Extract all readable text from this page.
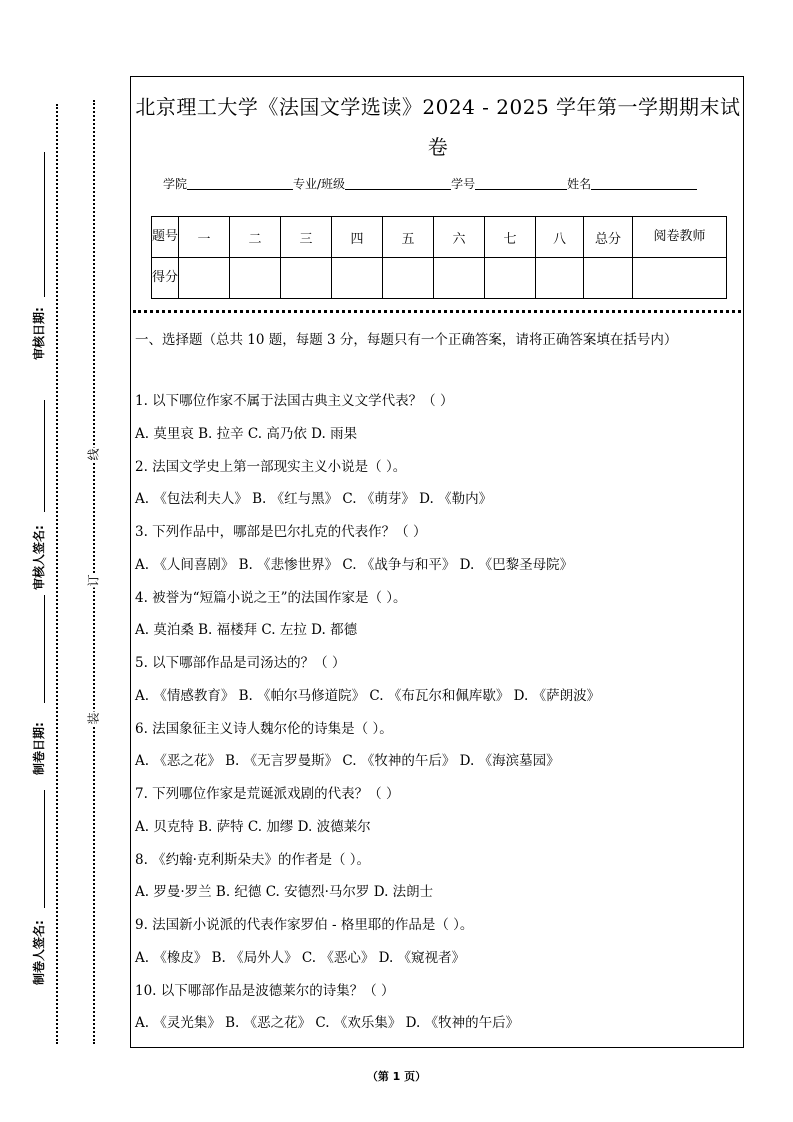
审核日期:
审核人签名:
制卷日期:
制卷人签名:
线
订
装
北京理工大学《法国文学选读》2024 - 2025 学年第一学期期末试
卷
学院	专业/班级	学号	姓名
题号	一	二	三	四	五	六	七	八	总分	阅卷教师
得分										
一、选择题（总共 10 题，每题 3 分，每题只有一个正确答案，请将正确答案填在括号内）
1. 以下哪位作家不属于法国古典主义文学代表？（ ）
A. 莫里哀 B. 拉辛 C. 高乃依 D. 雨果
2. 法国文学史上第一部现实主义小说是（ ）。
A. 《包法利夫人》 B. 《红与黑》 C. 《萌芽》 D. 《勒内》
3. 下列作品中，哪部是巴尔扎克的代表作？（ ）
A. 《人间喜剧》 B. 《悲惨世界》 C. 《战争与和平》 D. 《巴黎圣母院》
4. 被誉为“短篇小说之王”的法国作家是（ ）。
A. 莫泊桑 B. 福楼拜 C. 左拉 D. 都德
5. 以下哪部作品是司汤达的？（ ）
A. 《情感教育》 B. 《帕尔马修道院》 C. 《布瓦尔和佩库歇》 D. 《萨朗波》
6. 法国象征主义诗人魏尔伦的诗集是（ ）。
A. 《恶之花》 B. 《无言罗曼斯》 C. 《牧神的午后》 D. 《海滨墓园》
7. 下列哪位作家是荒诞派戏剧的代表？（ ）
A. 贝克特 B. 萨特 C. 加缪 D. 波德莱尔
8. 《约翰·克利斯朵夫》的作者是（ ）。
A. 罗曼·罗兰 B. 纪德 C. 安德烈·马尔罗 D. 法朗士
9. 法国新小说派的代表作家罗伯 - 格里耶的作品是（ ）。
A. 《橡皮》 B. 《局外人》 C. 《恶心》 D. 《窥视者》
10. 以下哪部作品是波德莱尔的诗集？（ ）
A. 《灵光集》 B. 《恶之花》 C. 《欢乐集》 D. 《牧神的午后》
（第 1 页）
